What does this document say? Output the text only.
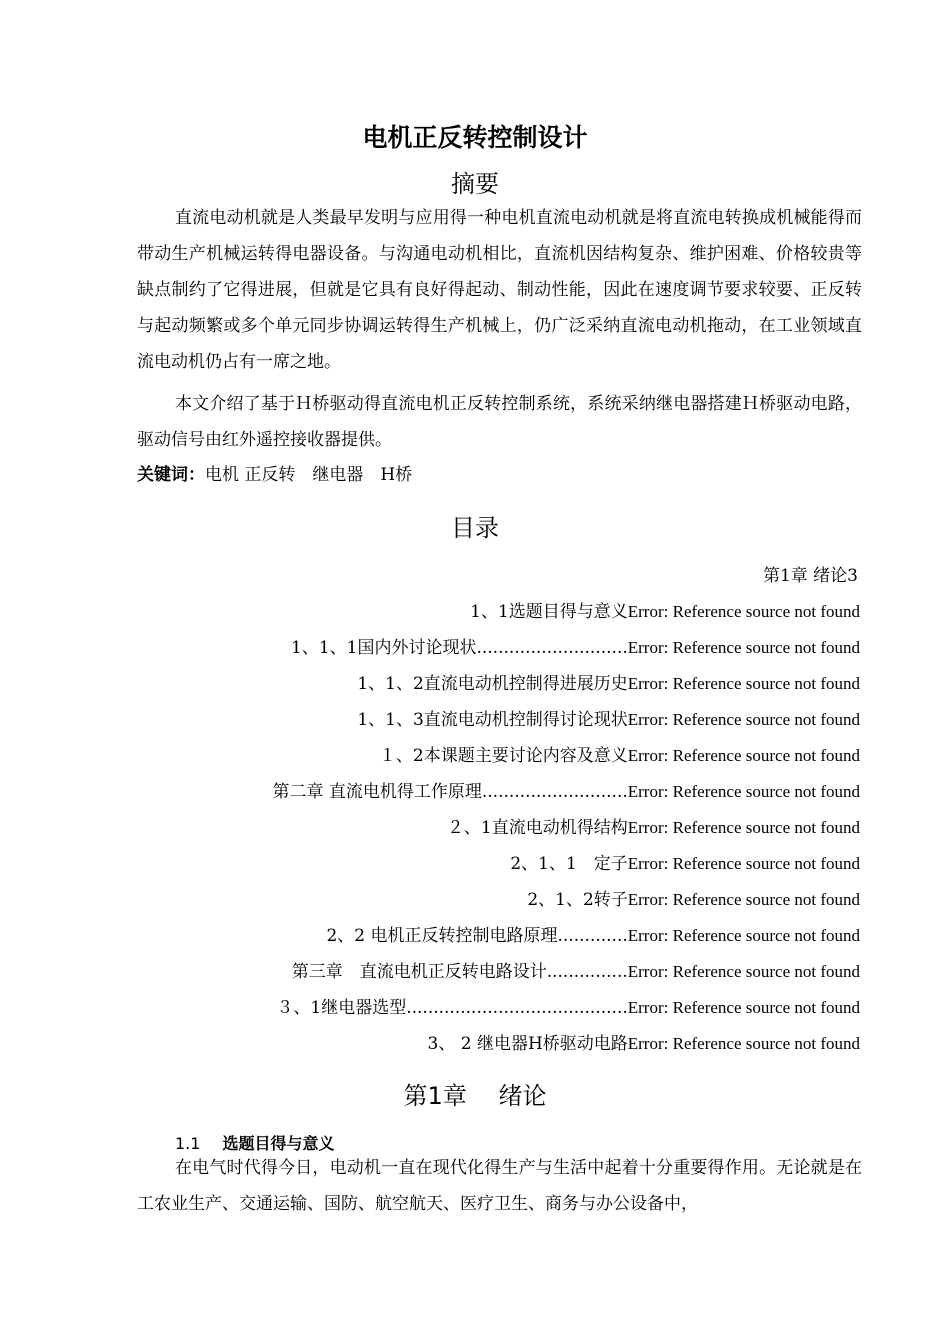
电机正反转控制设计
摘要
直流电动机就是人类最早发明与应用得一种电机直流电动机就是将直流电转换成机械能得而带动生产机械运转得电器设备。与沟通电动机相比，直流机因结构复杂、维护困难、价格较贵等缺点制约了它得进展，但就是它具有良好得起动、制动性能，因此在速度调节要求较要、正反转与起动频繁或多个单元同步协调运转得生产机械上，仍广泛采纳直流电动机拖动，在工业领域直流电动机仍占有一席之地。
本文介绍了基于Ｈ桥驱动得直流电机正反转控制系统，系统采纳继电器搭建Ｈ桥驱动电路，驱动信号由红外遥控接收器提供。
关键词：电机 正反转　继电器　H桥
目录
第1章 绪论3
1、1选题目得与意义Error: Reference source not found
1、1、1国内外讨论现状............................Error: Reference source not found
1、1、2直流电动机控制得进展历史Error: Reference source not found
1、1、3直流电动机控制得讨论现状Error: Reference source not found
１、2本课题主要讨论内容及意义Error: Reference source not found
第二章 直流电机得工作原理...........................Error: Reference source not found
２、1直流电动机得结构Error: Reference source not found
2、1、1　定子Error: Reference source not found
2、1、2转子Error: Reference source not found
2、2 电机正反转控制电路原理.............Error: Reference source not found
第三章　直流电机正反转电路设计...............Error: Reference source not found
３、1继电器选型.........................................Error: Reference source not found
3、 2 继电器H桥驱动电路Error: Reference source not found
第1章　 绪论
1.1 选题目得与意义
在电气时代得今日，电动机一直在现代化得生产与生活中起着十分重要得作用。无论就是在工农业生产、交通运输、国防、航空航天、医疗卫生、商务与办公设备中，
